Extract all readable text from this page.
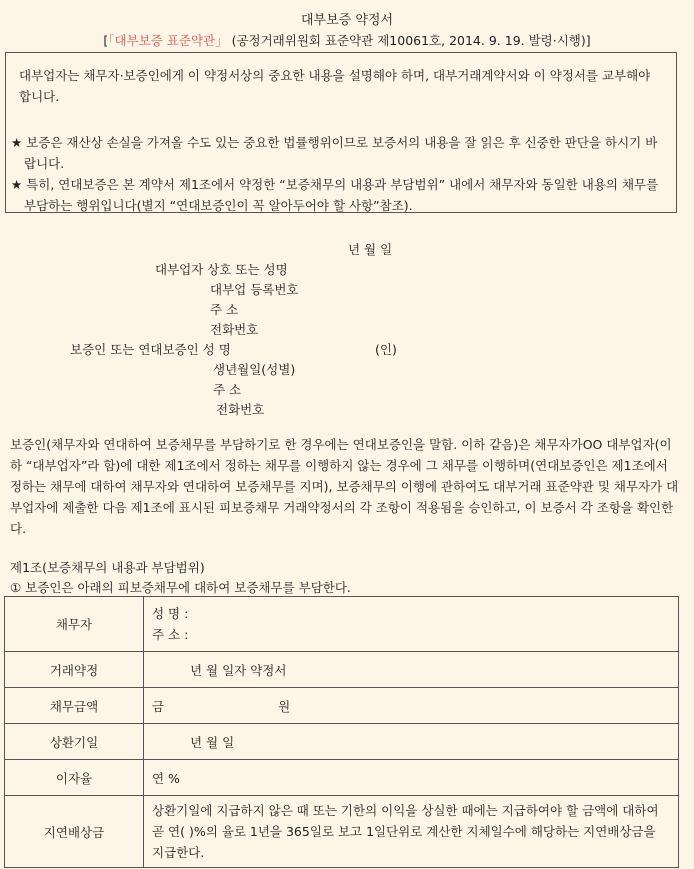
대부보증 약정서
[「대부보증 표준약관」 (공정거래위원회 표준약관 제10061호, 2014. 9. 19. 발령·시행)]
대부업자는 채무자·보증인에게 이 약정서상의 중요한 내용을 설명해야 하며, 대부거래계약서와 이 약정서를 교부해야
합니다.
★ 보증은 재산상 손실을 가져올 수도 있는 중요한 법률행위이므로 보증서의 내용을 잘 읽은 후 신중한 판단을 하시기 바
랍니다.
★ 특히, 연대보증은 본 계약서 제1조에서 약정한 “보증채무의 내용과 부담범위” 내에서 채무자와 동일한 내용의 채무를
부담하는 행위입니다(별지 “연대보증인이 꼭 알아두어야 할 사항”참조).
년 월 일
대부업자 상호 또는 성명
대부업 등록번호
주 소
전화번호
보증인 또는 연대보증인 성 명	(인)
생년월일(성별)
주 소
전화번호
보증인(채무자와 연대하여 보증채무를 부담하기로 한 경우에는 연대보증인을 말함. 이하 같음)은 채무자가OO 대부업자(이
하 “대부업자”라 함)에 대한 제1조에서 정하는 채무를 이행하지 않는 경우에 그 채무를 이행하며(연대보증인은 제1조에서
정하는 채무에 대하여 채무자와 연대하여 보증채무를 지며), 보증채무의 이행에 관하여도 대부거래 표준약관 및 채무자가 대
부업자에 제출한 다음 제1조에 표시된 피보증채무 거래약정서의 각 조항이 적용됨을 승인하고, 이 보증서 각 조항을 확인한
다.
제1조(보증채무의 내용과 부담범위)
① 보증인은 아래의 피보증채무에 대하여 보증채무를 부담한다.
채무자	성 명 :
주 소 :

거래약정	년 월 일자 약정서
채무금액	금 원
상환기일	년 월 일
이자율	연 %
지연배상금	상환기일에 지급하지 않은 때 또는 기한의 이익을 상실한 때에는 지급하여야 할 금액에 대하여
곧 연( )%의 율로 1년을 365일로 보고 1일단위로 계산한 지체일수에 해당하는 지연배상금을
지급한다.
